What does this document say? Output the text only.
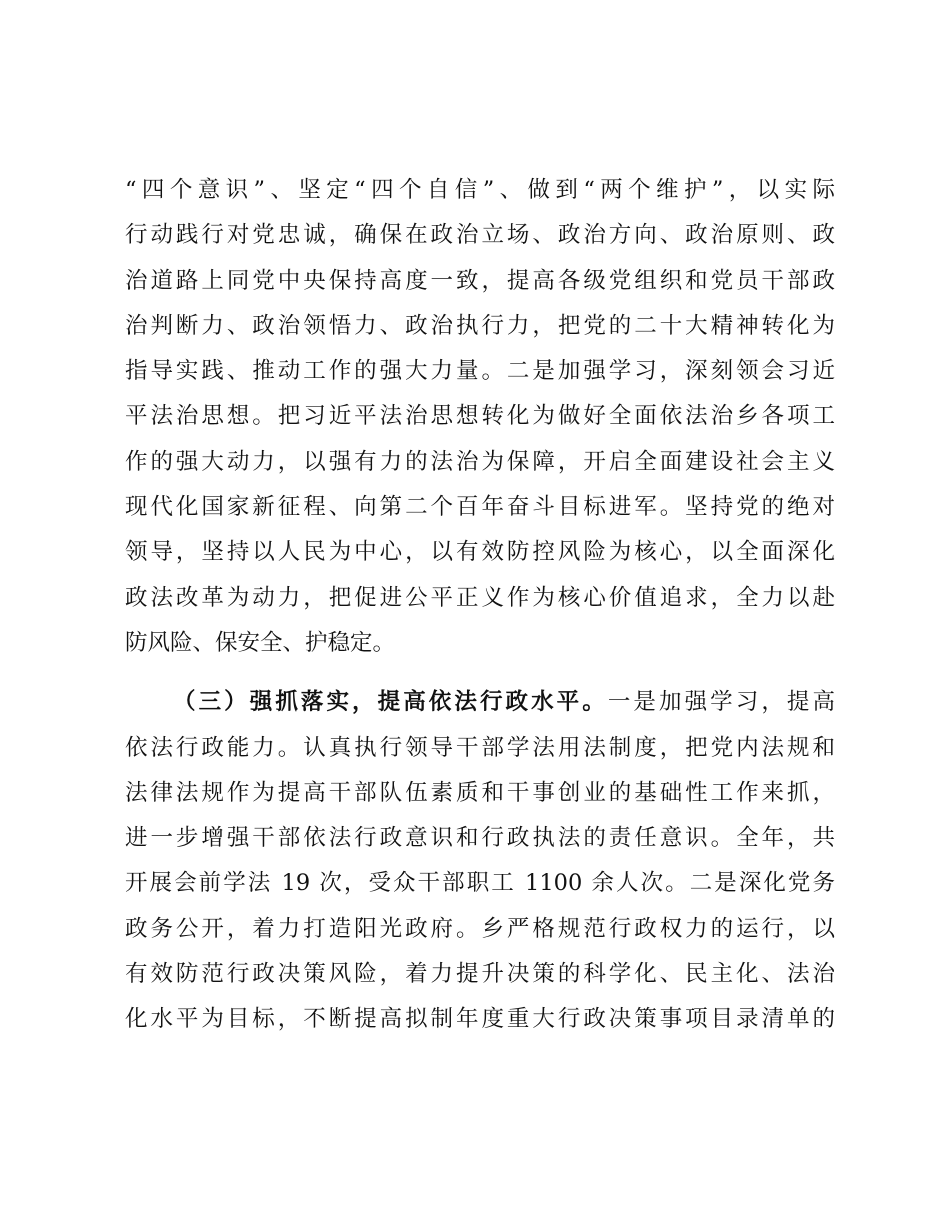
“四个意识”、坚定“四个自信”、做到“两个维护”，以实际
行动践行对党忠诚，确保在政治立场、政治方向、政治原则、政
治道路上同党中央保持高度一致，提高各级党组织和党员干部政
治判断力、政治领悟力、政治执行力，把党的二十大精神转化为
指导实践、推动工作的强大力量。二是加强学习，深刻领会习近
平法治思想。把习近平法治思想转化为做好全面依法治乡各项工
作的强大动力，以强有力的法治为保障，开启全面建设社会主义
现代化国家新征程、向第二个百年奋斗目标进军。坚持党的绝对
领导，坚持以人民为中心，以有效防控风险为核心，以全面深化
政法改革为动力，把促进公平正义作为核心价值追求，全力以赴
防风险、保安全、护稳定。
（三）强抓落实，提高依法行政水平。一是加强学习，提高
依法行政能力。认真执行领导干部学法用法制度，把党内法规和
法律法规作为提高干部队伍素质和干事创业的基础性工作来抓，
进一步增强干部依法行政意识和行政执法的责任意识。全年，共
开展会前学法 19 次，受众干部职工 1100 余人次。二是深化党务
政务公开，着力打造阳光政府。乡严格规范行政权力的运行，以
有效防范行政决策风险，着力提升决策的科学化、民主化、法治
化水平为目标，不断提高拟制年度重大行政决策事项目录清单的
